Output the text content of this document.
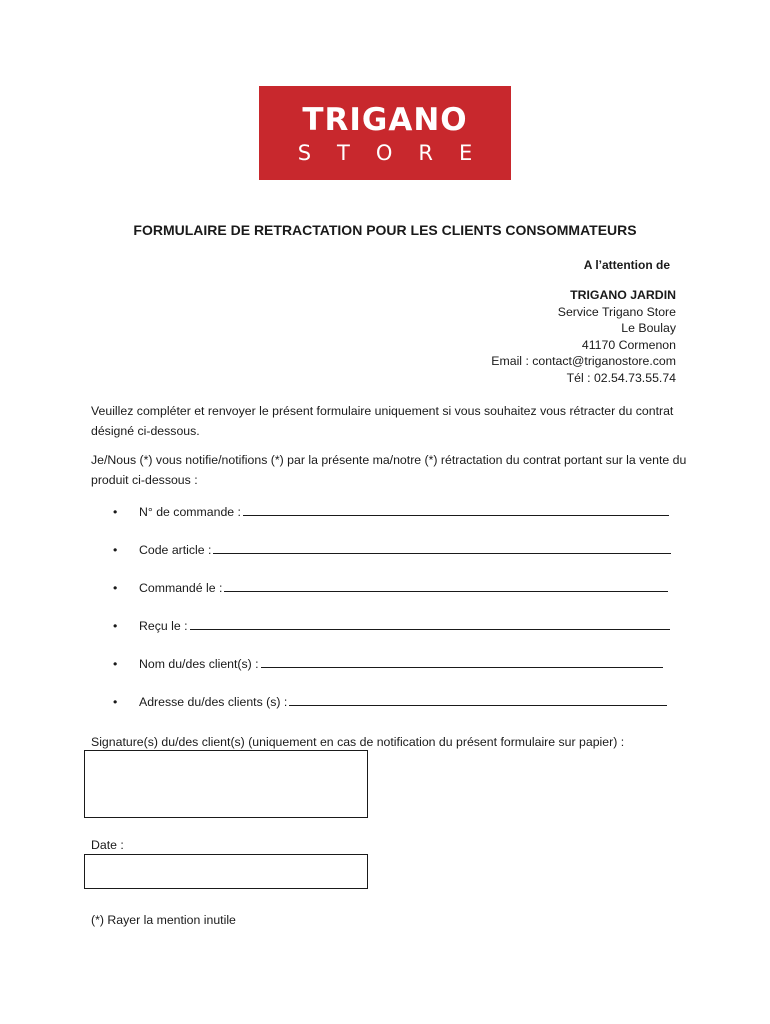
TRIGANO
STORE
FORMULAIRE DE RETRACTATION POUR LES CLIENTS CONSOMMATEURS
A l’attention de
TRIGANO JARDIN
Service Trigano Store
Le Boulay
41170 Cormenon
Email : contact@triganostore.com
Tél : 02.54.73.55.74
Veuillez compléter et renvoyer le présent formulaire uniquement si vous souhaitez vous rétracter du contrat désigné ci-dessous.
Je/Nous (*) vous notifie/notifions (*) par la présente ma/notre (*) rétractation du contrat portant sur la vente du produit ci-dessous :
• N° de commande :
• Code article :
• Commandé le :
• Reçu le :
• Nom du/des client(s) :
• Adresse du/des clients (s) :
Signature(s) du/des client(s) (uniquement en cas de notification du présent formulaire sur papier) :
Date :
(*) Rayer la mention inutile
